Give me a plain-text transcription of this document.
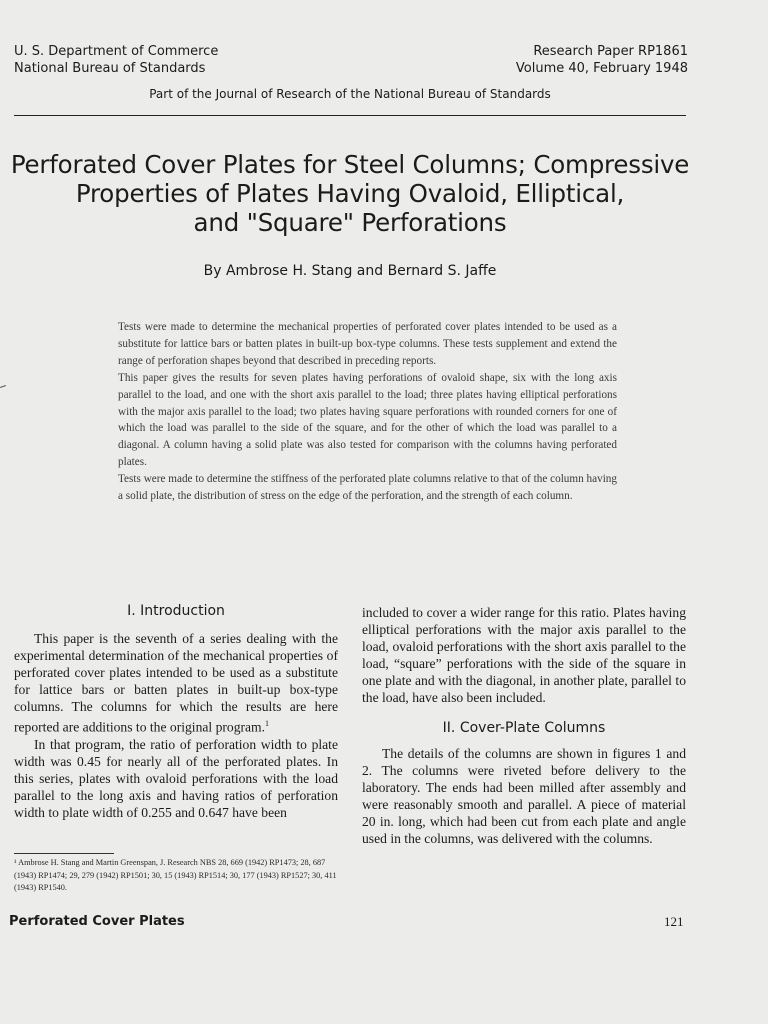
U. S. Department of Commerce
National Bureau of Standards
Research Paper RP1861
Volume 40, February 1948
Part of the Journal of Research of the National Bureau of Standards
Perforated Cover Plates for Steel Columns; Compressive
Properties of Plates Having Ovaloid, Elliptical,
and "Square" Perforations
By Ambrose H. Stang and Bernard S. Jaffe

Tests were made to determine the mechanical properties of perforated cover plates intended to be used as a substitute for lattice bars or batten plates in built-up box-type columns. These tests supplement and extend the range of perforation shapes beyond that described in preceding reports.

This paper gives the results for seven plates having perforations of ovaloid shape, six with the long axis parallel to the load, and one with the short axis parallel to the load; three plates having elliptical perforations with the major axis parallel to the load; two plates having square perforations with rounded corners for one of which the load was parallel to the side of the square, and for the other of which the load was parallel to a diagonal. A column having a solid plate was also tested for comparison with the columns having perforated plates.

Tests were made to determine the stiffness of the perforated plate columns relative to that of the column having a solid plate, the distribution of stress on the edge of the perforation, and the strength of each column.

I. Introduction

This paper is the seventh of a series dealing with the experimental determination of the mechanical properties of perforated cover plates intended to be used as a substitute for lattice bars or batten plates in built-up box-type columns. The columns for which the results are here reported are additions to the original program.$^1$

In that program, the ratio of perforation width to plate width was 0.45 for nearly all of the perforated plates. In this series, plates with ovaloid perforations with the load parallel to the long axis and having ratios of perforation width to plate width of 0.255 and 0.647 have been

included to cover a wider range for this ratio. Plates having elliptical perforations with the major axis parallel to the load, ovaloid perforations with the short axis parallel to the load, “square” perforations with the side of the square in one plate and with the diagonal, in another plate, parallel to the load, have also been included.

II. Cover-Plate Columns

The details of the columns are shown in figures 1 and 2. The columns were riveted before delivery to the laboratory. The ends had been milled after assembly and were reasonably smooth and parallel. A piece of material 20 in. long, which had been cut from each plate and angle used in the columns, was delivered with the columns.

¹ Ambrose H. Stang and Martin Greenspan, J. Research NBS 28, 669 (1942) RP1473; 28, 687 (1943) RP1474; 29, 279 (1942) RP1501; 30, 15 (1943) RP1514; 30, 177 (1943) RP1527; 30, 411 (1943) RP1540.
Perforated Cover Plates	121
